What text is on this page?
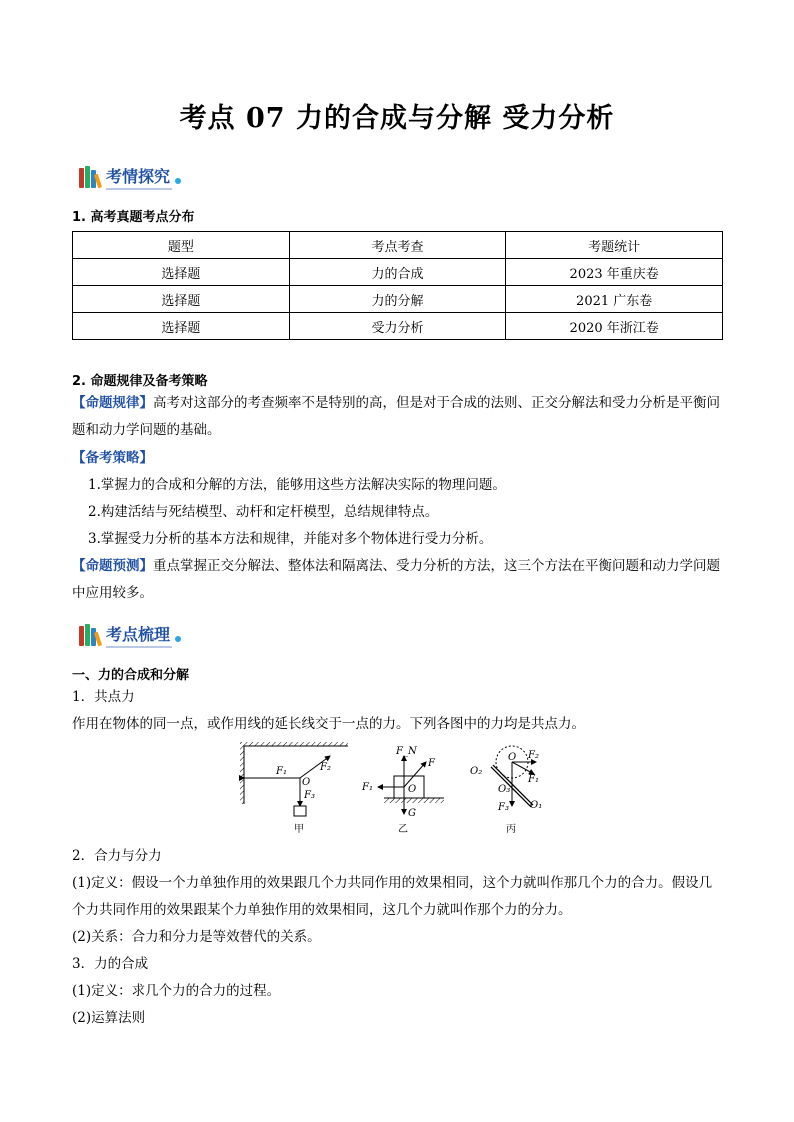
考点 07 力的合成与分解 受力分析
考情探究
1. 高考真题考点分布
题型	考点考查	考题统计
选择题	力的合成	2023 年重庆卷
选择题	力的分解	2021 广东卷
选择题	受力分析	2020 年浙江卷
2. 命题规律及备考策略
【命题规律】高考对这部分的考查频率不是特别的高，但是对于合成的法则、正交分解法和受力分析是平衡问题和动力学问题的基础。
【备考策略】
1.掌握力的合成和分解的方法，能够用这些方法解决实际的物理问题。
2.构建活结与死结模型、动杆和定杆模型，总结规律特点。
3.掌握受力分析的基本方法和规律，并能对多个物体进行受力分析。
【命题预测】重点掌握正交分解法、整体法和隔离法、受力分析的方法，这三个方法在平衡问题和动力学问题中应用较多。
考点梳理
一、力的合成和分解
1．共点力
作用在物体的同一点，或作用线的延长线交于一点的力。下列各图中的力均是共点力。
F₁	F₂
O
F₃
甲
F_N
F
F₁	O
G
乙
O₂
O F₂
F₁
O₃
F₃ O₁
丙
2．合力与分力
(1)定义：假设一个力单独作用的效果跟几个力共同作用的效果相同，这个力就叫作那几个力的合力。假设几个力共同作用的效果跟某个力单独作用的效果相同，这几个力就叫作那个力的分力。
(2)关系：合力和分力是等效替代的关系。
3．力的合成
(1)定义：求几个力的合力的过程。
(2)运算法则
